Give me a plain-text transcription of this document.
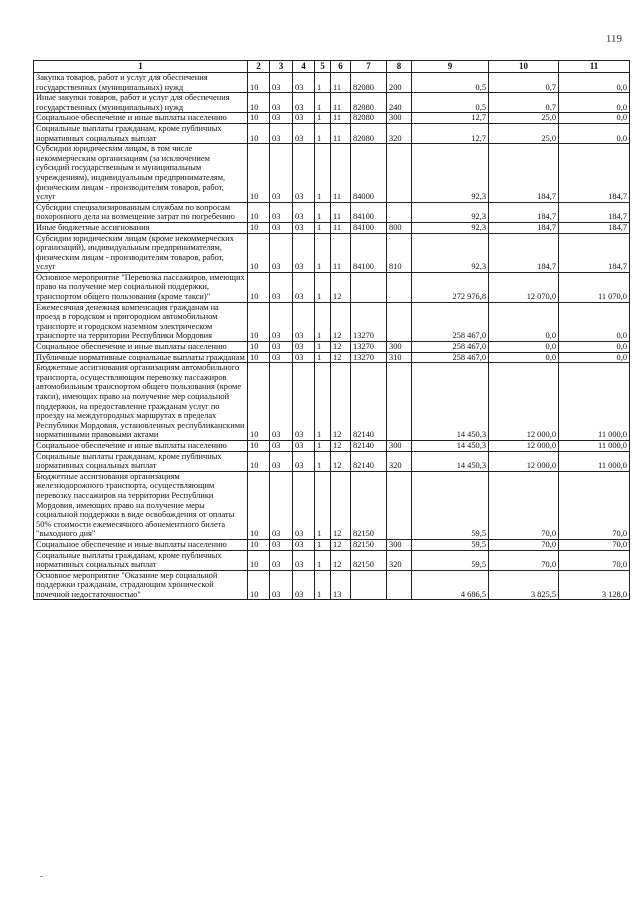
119
1	2	3	4	5	6	7	8	9	10	11
Закупка товаров, работ и услуг для обеспечения государственных (муниципальных) нужд	10	03	03	1	11	82080	200	0,5	0,7	0,0
Иные закупки товаров, работ и услуг для обеспечения государственных (муниципальных) нужд	10	03	03	1	11	82080	240	0,5	0,7	0,0
Социальное обеспечение и иные выплаты населению	10	03	03	1	11	82080	300	12,7	25,0	0,0
Социальные выплаты гражданам, кроме публичных нормативных социальных выплат	10	03	03	1	11	82080	320	12,7	25,0	0,0
Субсидии юридическим лицам, в том числе некоммерческим организациям (за исключением субсидий государственным и муниципальным учреждениям), индивидуальным предпринимателям, физическим лицам - производителям товаров, работ, услуг	10	03	03	1	11	84000		92,3	184,7	184,7
Субсидии специализированным службам по вопросам похоронного дела на возмещение затрат по погребению	10	03	03	1	11	84100		92,3	184,7	184,7
Иные бюджетные ассигнования	10	03	03	1	11	84100	800	92,3	184,7	184,7
Субсидии юридическим лицам (кроме некоммерческих организаций), индивидуальным предпринимателям, физическим лицам - производителям товаров, работ, услуг	10	03	03	1	11	84100	810	92,3	184,7	184,7
Основное мероприятие "Перевозка пассажиров, имеющих право на получение мер социальной поддержки, транспортом общего пользования (кроме такси)"	10	03	03	1	12			272 976,8	12 070,0	11 070,0
Ежемесячная денежная компенсация гражданам на проезд в городском и пригородном автомобильном транспорте и городском наземном электрическом транспорте на территории Республики Мордовия	10	03	03	1	12	13270		258 467,0	0,0	0,0
Социальное обеспечение и иные выплаты населению	10	03	03	1	12	13270	300	258 467,0	0,0	0,0
Публичные нормативные социальные выплаты гражданам	10	03	03	1	12	13270	310	258 467,0	0,0	0,0
Бюджетные ассигнования организациям автомобильного транспорта, осуществляющим перевозку пассажиров автомобильным транспортом общего пользования (кроме такси), имеющих право на получение мер социальной поддержки, на предоставление гражданам услуг по проезду на междугородных маршрутах в пределах Республики Мордовия, установленных республиканскими нормативными правовыми актами	10	03	03	1	12	82140		14 450,3	12 000,0	11 000,0
Социальное обеспечение и иные выплаты населению	10	03	03	1	12	82140	300	14 450,3	12 000,0	11 000,0
Социальные выплаты гражданам, кроме публичных нормативных социальных выплат	10	03	03	1	12	82140	320	14 450,3	12 000,0	11 000,0
Бюджетные ассигнования организациям железнодорожного транспорта, осуществляющим перевозку пассажиров на территории Республики Мордовия, имеющих право на получение меры социальной поддержки в виде освобождения от оплаты 50% стоимости ежемесячного абонементного билета "выходного дня"	10	03	03	1	12	82150		59,5	70,0	70,0
Социальное обеспечение и иные выплаты населению	10	03	03	1	12	82150	300	59,5	70,0	70,0
Социальные выплаты гражданам, кроме публичных нормативных социальных выплат	10	03	03	1	12	82150	320	59,5	70,0	70,0
Основное мероприятие "Оказание мер социальной поддержки гражданам, страдающим хронической почечной недостаточностью"	10	03	03	1	13			4 686,5	3 825,5	3 128,0
